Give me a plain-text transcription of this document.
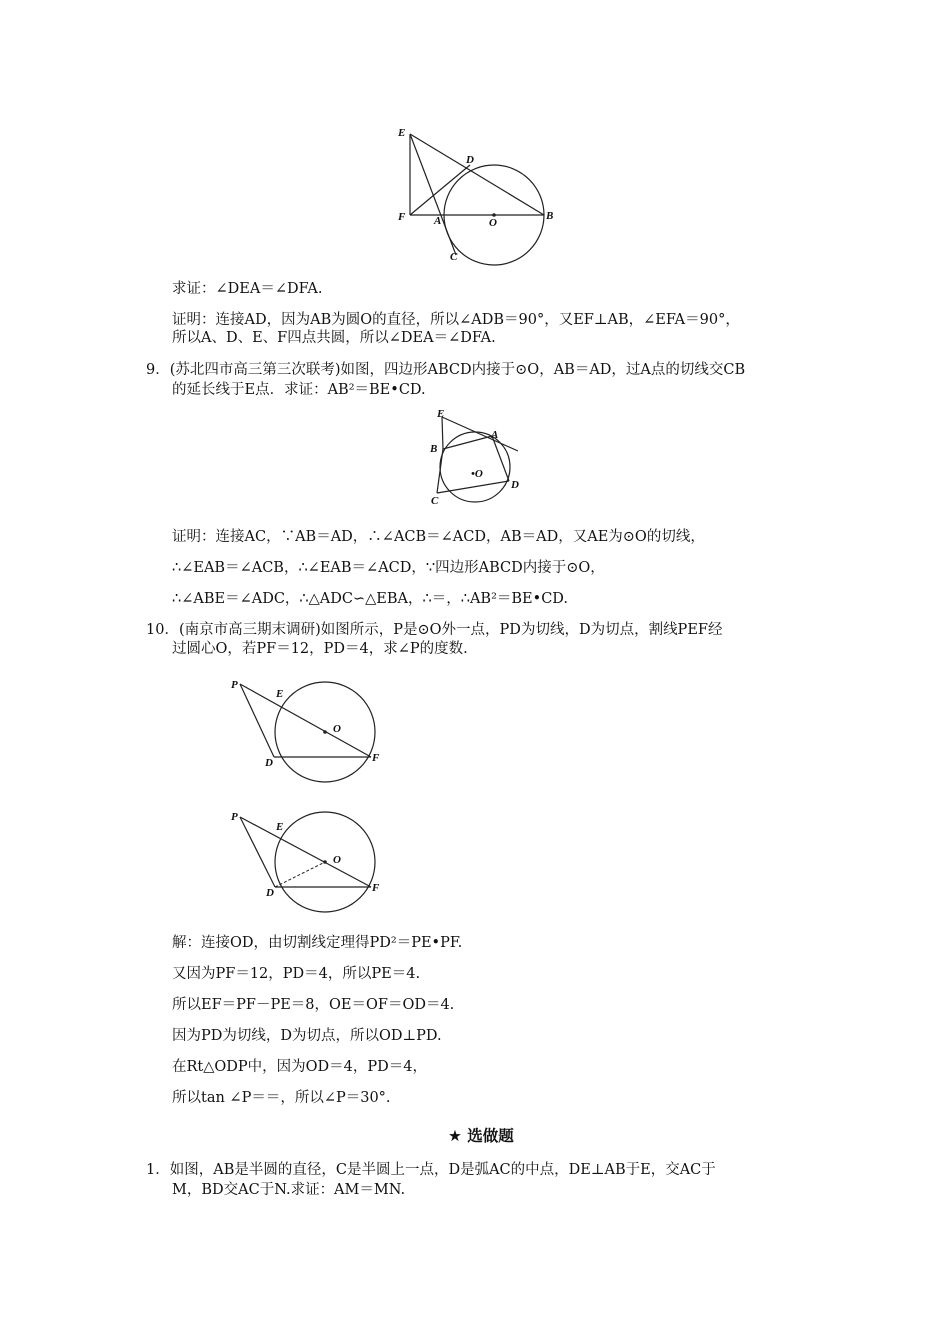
E
D
F	A	O
B
C
求证：∠DEA＝∠DFA.
证明：连接AD，因为AB为圆O的直径，所以∠ADB＝90°，又EF⊥AB，∠EFA＝90°，
所以A、D、E、F四点共圆，所以∠DEA＝∠DFA.
9．(苏北四市高三第三次联考)如图，四边形ABCD内接于⊙O，AB＝AD，过A点的切线交CB
的延长线于E点．求证：AB²＝BE•CD.
E
A
B
•O
C
D
证明：连接AC，∵AB＝AD，∴∠ACB＝∠ACD，AB＝AD，又AE为⊙O的切线，
∴∠EAB＝∠ACB，∴∠EAB＝∠ACD，∵四边形ABCD内接于⊙O，
∴∠ABE＝∠ADC，∴△ADC∽△EBA，∴＝，∴AB²＝BE•CD.
10．(南京市高三期末调研)如图所示，P是⊙O外一点，PD为切线，D为切点，割线PEF经
过圆心O，若PF＝12，PD＝4，求∠P的度数.
P
E
O
D	F
P
E
O
D	F
解：连接OD，由切割线定理得PD²＝PE•PF.
又因为PF＝12，PD＝4，所以PE＝4.
所以EF＝PF－PE＝8，OE＝OF＝OD＝4.
因为PD为切线，D为切点，所以OD⊥PD.
在Rt△ODP中，因为OD＝4，PD＝4，
所以tan ∠P＝＝，所以∠P＝30°.
★ 选做题
1．如图，AB是半圆的直径，C是半圆上一点，D是弧AC的中点，DE⊥AB于E，交AC于
M，BD交AC于N.求证：AM＝MN.
